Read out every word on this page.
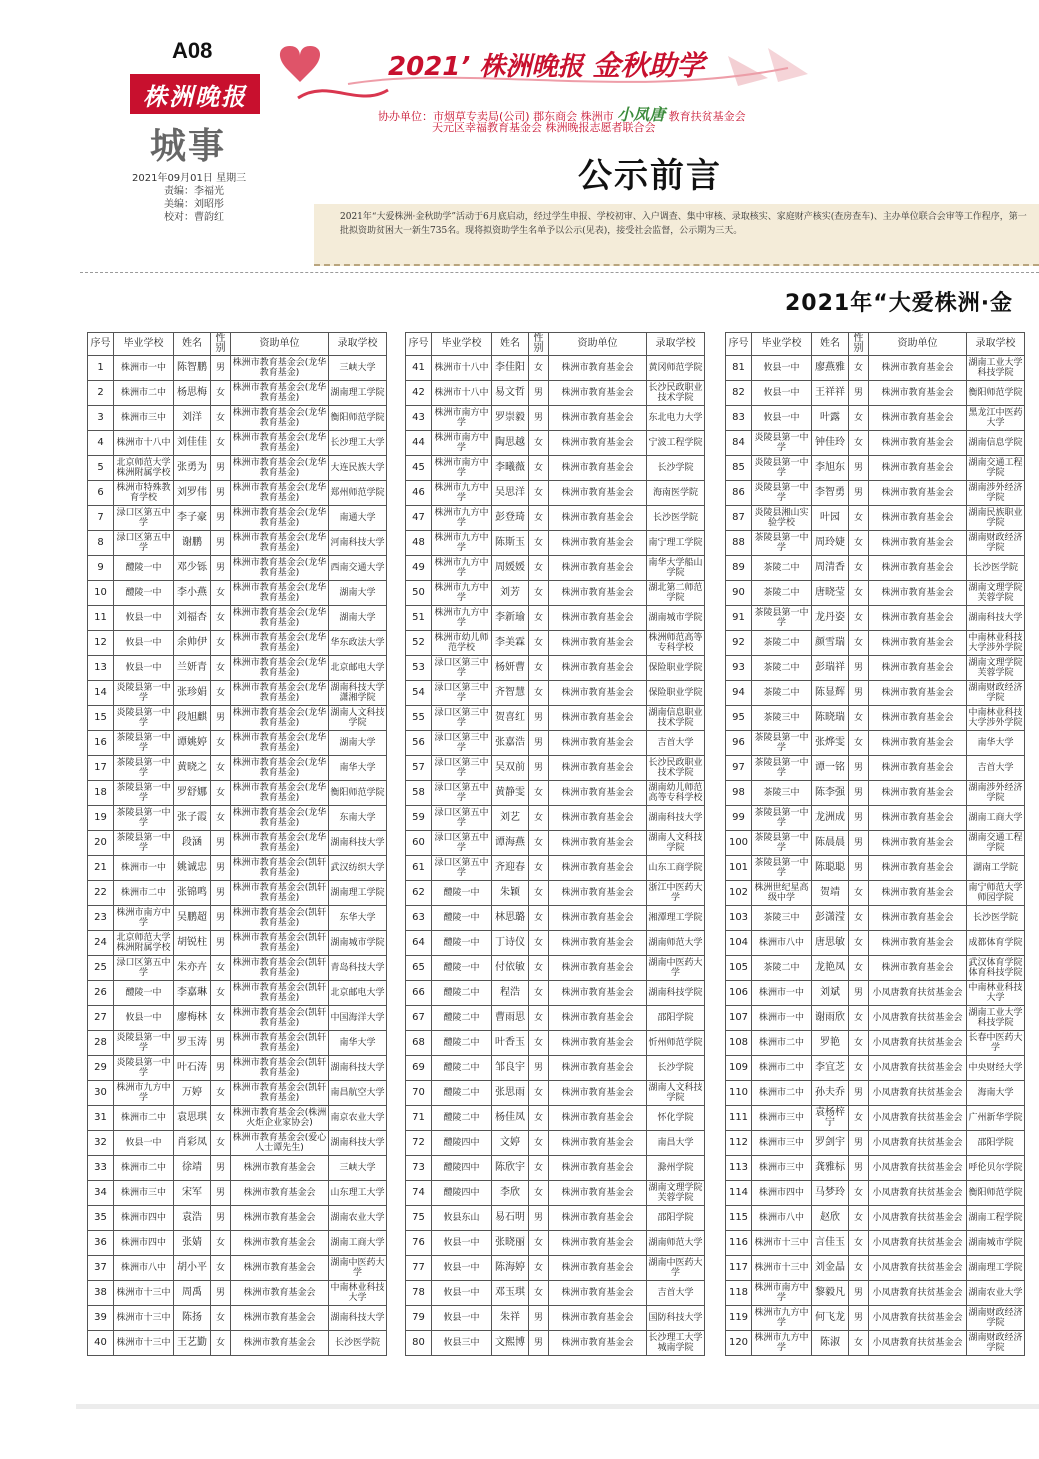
A08
株洲晚报
城事
2021年09月01日 星期三
责编：李福光
美编：刘昭彤
校对：曹韵红
2021’ 株洲晚报 金秋助学
协办单位：市烟草专卖局(公司) 郡东商会 株洲市 小凤唐 教育扶贫基金会
天元区幸福教育基金会 株洲晚报志愿者联合会
公示前言
2021年“大爱株洲·金秋助学”活动于6月底启动，经过学生申报、学校初审、入户调查、集中审核、录取核实、家庭财产核实(查房查车)、主办单位联合会审等工作程序，第一批拟资助贫困大一新生735名。现将拟资助学生名单予以公示(见表)，接受社会监督，公示期为三天。
2021年“大爱株洲·金
序号	毕业学校	姓名	性别	资助单位	录取学校
1	株洲市一中	陈智鹏	男	株洲市教育基金会(龙华教育基金)	三峡大学
2	株洲市二中	杨思梅	女	株洲市教育基金会(龙华教育基金)	湖南理工学院
3	株洲市三中	刘洋	女	株洲市教育基金会(龙华教育基金)	衡阳师范学院
4	株洲市十八中	刘佳佳	女	株洲市教育基金会(龙华教育基金)	长沙理工大学
5	北京师范大学株洲附属学校	张勇为	男	株洲市教育基金会(龙华教育基金)	大连民族大学
6	株洲市特殊教育学校	刘罗伟	男	株洲市教育基金会(龙华教育基金)	郑州师范学院
7	渌口区第五中学	李子豪	男	株洲市教育基金会(龙华教育基金)	南通大学
8	渌口区第五中学	谢鹏	男	株洲市教育基金会(龙华教育基金)	河南科技大学
9	醴陵一中	邓少铄	男	株洲市教育基金会(龙华教育基金)	西南交通大学
10	醴陵一中	李小燕	女	株洲市教育基金会(龙华教育基金)	湖南大学
11	攸县一中	刘福杏	女	株洲市教育基金会(龙华教育基金)	湖南大学
12	攸县一中	余帅伊	女	株洲市教育基金会(龙华教育基金)	华东政法大学
13	攸县一中	兰妍青	女	株洲市教育基金会(龙华教育基金)	北京邮电大学
14	炎陵县第一中学	张珍娟	女	株洲市教育基金会(龙华教育基金)	湖南科技大学潇湘学院
15	炎陵县第一中学	段旭麒	男	株洲市教育基金会(龙华教育基金)	湖南人文科技学院
16	茶陵县第一中学	谭姚婷	女	株洲市教育基金会(龙华教育基金)	湖南大学
17	茶陵县第一中学	黄晓之	女	株洲市教育基金会(龙华教育基金)	南华大学
18	茶陵县第一中学	罗舒娜	女	株洲市教育基金会(龙华教育基金)	衡阳师范学院
19	茶陵县第一中学	张子霞	女	株洲市教育基金会(龙华教育基金)	东南大学
20	茶陵县第一中学	段涵	男	株洲市教育基金会(龙华教育基金)	湖南科技大学
21	株洲市一中	姚诚忠	男	株洲市教育基金会(凯轩教育基金)	武汉纺织大学
22	株洲市二中	张锦鸣	男	株洲市教育基金会(凯轩教育基金)	湖南理工学院
23	株洲市南方中学	吴鹏超	男	株洲市教育基金会(凯轩教育基金)	东华大学
24	北京师范大学株洲附属学校	胡锐柱	男	株洲市教育基金会(凯轩教育基金)	湖南城市学院
25	渌口区第五中学	朱亦卉	女	株洲市教育基金会(凯轩教育基金)	青岛科技大学
26	醴陵一中	李嘉琳	女	株洲市教育基金会(凯轩教育基金)	北京邮电大学
27	攸县一中	廖梅林	女	株洲市教育基金会(凯轩教育基金)	中国海洋大学
28	炎陵县第一中学	罗玉涛	男	株洲市教育基金会(凯轩教育基金)	南华大学
29	炎陵县第一中学	叶石涛	男	株洲市教育基金会(凯轩教育基金)	湖南科技大学
30	株洲市九方中学	万婷	女	株洲市教育基金会(凯轩教育基金)	南昌航空大学
31	株洲市二中	袁思琪	女	株洲市教育基金会(株洲火炬企业家协会)	南京农业大学
32	攸县一中	肖彩凤	女	株洲市教育基金会(爱心人士谭先生)	湖南科技大学
33	株洲市二中	徐靖	男	株洲市教育基金会	三峡大学
34	株洲市三中	宋军	男	株洲市教育基金会	山东理工大学
35	株洲市四中	袁浩	男	株洲市教育基金会	湖南农业大学
36	株洲市四中	张婧	女	株洲市教育基金会	湖南工商大学
37	株洲市八中	胡小平	女	株洲市教育基金会	湖南中医药大学
38	株洲市十三中	周禹	男	株洲市教育基金会	中南林业科技大学
39	株洲市十三中	陈扬	女	株洲市教育基金会	湖南科技大学
40	株洲市十三中	王艺勤	女	株洲市教育基金会	长沙医学院
序号	毕业学校	姓名	性别	资助单位	录取学校
41	株洲市十八中	李佳阳	女	株洲市教育基金会	黄冈师范学院
42	株洲市十八中	易文哲	男	株洲市教育基金会	长沙民政职业技术学院
43	株洲市南方中学	罗崇毅	男	株洲市教育基金会	东北电力大学
44	株洲市南方中学	陶思越	女	株洲市教育基金会	宁波工程学院
45	株洲市南方中学	李曦薇	女	株洲市教育基金会	长沙学院
46	株洲市九方中学	吴思洋	女	株洲市教育基金会	海南医学院
47	株洲市九方中学	彭登琦	女	株洲市教育基金会	长沙医学院
48	株洲市九方中学	陈斯玉	女	株洲市教育基金会	南宁理工学院
49	株洲市九方中学	周媛媛	女	株洲市教育基金会	南华大学船山学院
50	株洲市九方中学	刘芳	女	株洲市教育基金会	湖北第二师范学院
51	株洲市九方中学	李新瑜	女	株洲市教育基金会	湖南城市学院
52	株洲市幼儿师范学校	李美霖	女	株洲市教育基金会	株洲师范高等专科学校
53	渌口区第三中学	杨妍曹	女	株洲市教育基金会	保险职业学院
54	渌口区第三中学	齐智慧	女	株洲市教育基金会	保险职业学院
55	渌口区第三中学	贺喜红	男	株洲市教育基金会	湖南信息职业技术学院
56	渌口区第三中学	张嘉浩	男	株洲市教育基金会	吉首大学
57	渌口区第三中学	吴双前	男	株洲市教育基金会	长沙民政职业技术学院
58	渌口区第五中学	黄静雯	女	株洲市教育基金会	湖南幼儿师范高等专科学校
59	渌口区第五中学	刘艺	女	株洲市教育基金会	湖南科技大学
60	渌口区第五中学	谭海燕	女	株洲市教育基金会	湖南人文科技学院
61	渌口区第五中学	齐迎春	女	株洲市教育基金会	山东工商学院
62	醴陵一中	朱颖	女	株洲市教育基金会	浙江中医药大学
63	醴陵一中	林思璐	女	株洲市教育基金会	湘潭理工学院
64	醴陵一中	丁诗仪	女	株洲市教育基金会	湖南师范大学
65	醴陵一中	付依敏	女	株洲市教育基金会	湖南中医药大学
66	醴陵二中	程浩	女	株洲市教育基金会	湖南科技学院
67	醴陵二中	曹雨思	女	株洲市教育基金会	邵阳学院
68	醴陵二中	叶香玉	女	株洲市教育基金会	忻州师范学院
69	醴陵二中	邹良宇	男	株洲市教育基金会	长沙学院
70	醴陵二中	张思雨	女	株洲市教育基金会	湖南人文科技学院
71	醴陵二中	杨佳凤	女	株洲市教育基金会	怀化学院
72	醴陵四中	文婷	女	株洲市教育基金会	南昌大学
73	醴陵四中	陈欣宇	女	株洲市教育基金会	滁州学院
74	醴陵四中	李欣	女	株洲市教育基金会	湖南文理学院芙蓉学院
75	攸县东山	易石明	男	株洲市教育基金会	邵阳学院
76	攸县一中	张晓丽	女	株洲市教育基金会	湖南师范大学
77	攸县一中	陈海婷	女	株洲市教育基金会	湖南中医药大学
78	攸县一中	邓玉琪	女	株洲市教育基金会	吉首大学
79	攸县一中	朱祥	男	株洲市教育基金会	国防科技大学
80	攸县三中	文熙博	男	株洲市教育基金会	长沙理工大学城南学院
序号	毕业学校	姓名	性别	资助单位	录取学校
81	攸县一中	廖燕雅	女	株洲市教育基金会	湖南工业大学科技学院
82	攸县一中	王祥祥	男	株洲市教育基金会	衡阳师范学院
83	攸县一中	叶露	女	株洲市教育基金会	黑龙江中医药大学
84	炎陵县第一中学	钟佳玲	女	株洲市教育基金会	湖南信息学院
85	炎陵县第一中学	李旭东	男	株洲市教育基金会	湖南交通工程学院
86	炎陵县第一中学	李智勇	男	株洲市教育基金会	湖南涉外经济学院
87	炎陵县湘山实验学校	叶园	女	株洲市教育基金会	湖南民族职业学院
88	茶陵县第一中学	周玲婕	女	株洲市教育基金会	湖南财政经济学院
89	茶陵二中	周清香	女	株洲市教育基金会	长沙医学院
90	茶陵二中	唐晓莹	女	株洲市教育基金会	湖南文理学院芙蓉学院
91	茶陵县第一中学	龙丹姿	女	株洲市教育基金会	湖南科技大学
92	茶陵二中	颜雪瑞	女	株洲市教育基金会	中南林业科技大学涉外学院
93	茶陵二中	彭瑞祥	男	株洲市教育基金会	湖南文理学院芙蓉学院
94	茶陵二中	陈显辉	男	株洲市教育基金会	湖南财政经济学院
95	茶陵三中	陈晓瑞	女	株洲市教育基金会	中南林业科技大学涉外学院
96	茶陵县第一中学	张烨雯	女	株洲市教育基金会	南华大学
97	茶陵县第一中学	谭一铭	男	株洲市教育基金会	吉首大学
98	茶陵三中	陈李强	男	株洲市教育基金会	湖南涉外经济学院
99	茶陵县第一中学	龙洲成	男	株洲市教育基金会	湖南工商大学
100	茶陵县第一中学	陈晨晨	男	株洲市教育基金会	湖南交通工程学院
101	茶陵县第一中学	陈聪聪	男	株洲市教育基金会	湖南工学院
102	株洲世纪星高级中学	贺靖	女	株洲市教育基金会	南宁师范大学师园学院
103	茶陵三中	彭潇滢	女	株洲市教育基金会	长沙医学院
104	株洲市八中	唐思敏	女	株洲市教育基金会	成都体育学院
105	茶陵二中	龙艳凤	女	株洲市教育基金会	武汉体育学院体育科技学院
106	株洲市一中	刘斌	男	小凤唐教育扶贫基金会	中南林业科技大学
107	株洲市一中	谢雨欣	女	小凤唐教育扶贫基金会	湖南工业大学科技学院
108	株洲市二中	罗艳	女	小凤唐教育扶贫基金会	长春中医药大学
109	株洲市二中	李宜芝	女	小凤唐教育扶贫基金会	中央财经大学
110	株洲市二中	孙夫乔	男	小凤唐教育扶贫基金会	海南大学
111	株洲市三中	袁杨梓宁	女	小凤唐教育扶贫基金会	广州新华学院
112	株洲市三中	罗剑宇	男	小凤唐教育扶贫基金会	邵阳学院
113	株洲市三中	龚雅标	男	小凤唐教育扶贫基金会	呼伦贝尔学院
114	株洲市四中	马梦玲	女	小凤唐教育扶贫基金会	衡阳师范学院
115	株洲市八中	赵欣	女	小凤唐教育扶贫基金会	湖南工程学院
116	株洲市十三中	言佳玉	女	小凤唐教育扶贫基金会	湖南城市学院
117	株洲市十三中	刘金晶	女	小凤唐教育扶贫基金会	湖南理工学院
118	株洲市南方中学	黎毅凡	男	小凤唐教育扶贫基金会	湖南农业大学
119	株洲市九方中学	何飞龙	男	小凤唐教育扶贫基金会	湖南财政经济学院
120	株洲市九方中学	陈淑	女	小凤唐教育扶贫基金会	湖南财政经济学院
